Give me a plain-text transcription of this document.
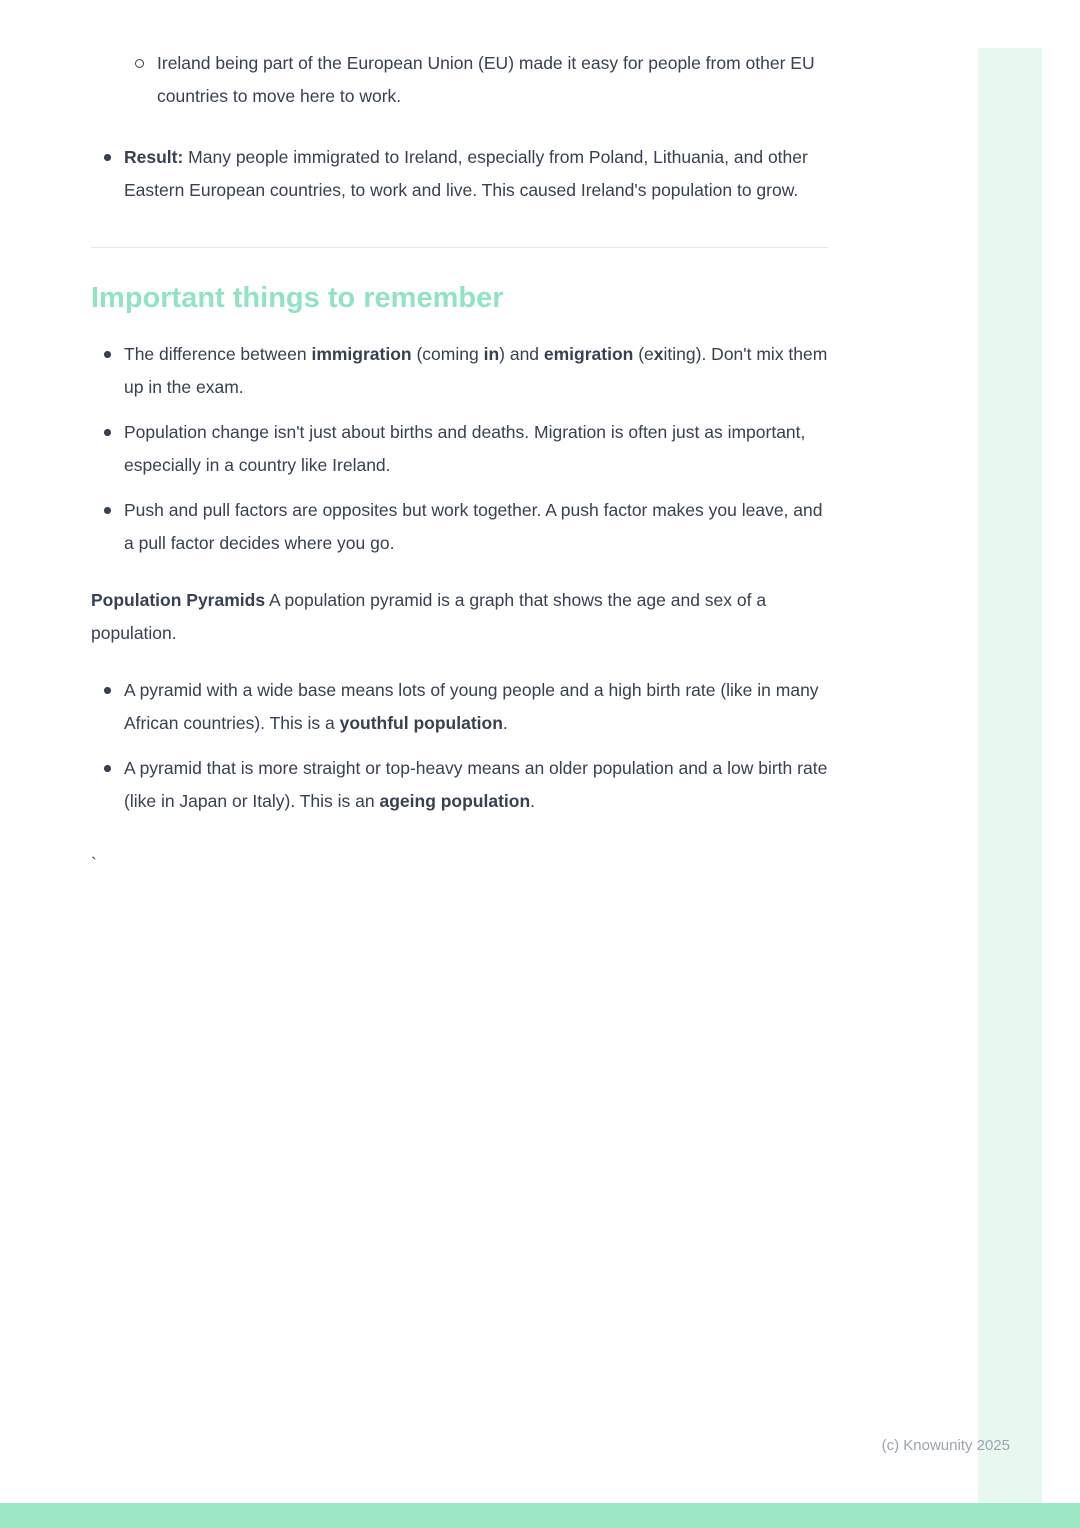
Ireland being part of the European Union (EU) made it easy for people from other EU countries to move here to work.
Result: Many people immigrated to Ireland, especially from Poland, Lithuania, and other Eastern European countries, to work and live. This caused Ireland's population to grow.
Important things to remember
The difference between immigration (coming in) and emigration (exiting). Don't mix them up in the exam.
Population change isn't just about births and deaths. Migration is often just as important, especially in a country like Ireland.
Push and pull factors are opposites but work together. A push factor makes you leave, and a pull factor decides where you go.

Population Pyramids A population pyramid is a graph that shows the age and sex of a population.

A pyramid with a wide base means lots of young people and a high birth rate (like in many African countries). This is a youthful population.
A pyramid that is more straight or top-heavy means an older population and a low birth rate (like in Japan or Italy). This is an ageing population.
`
(c) Knowunity 2025
